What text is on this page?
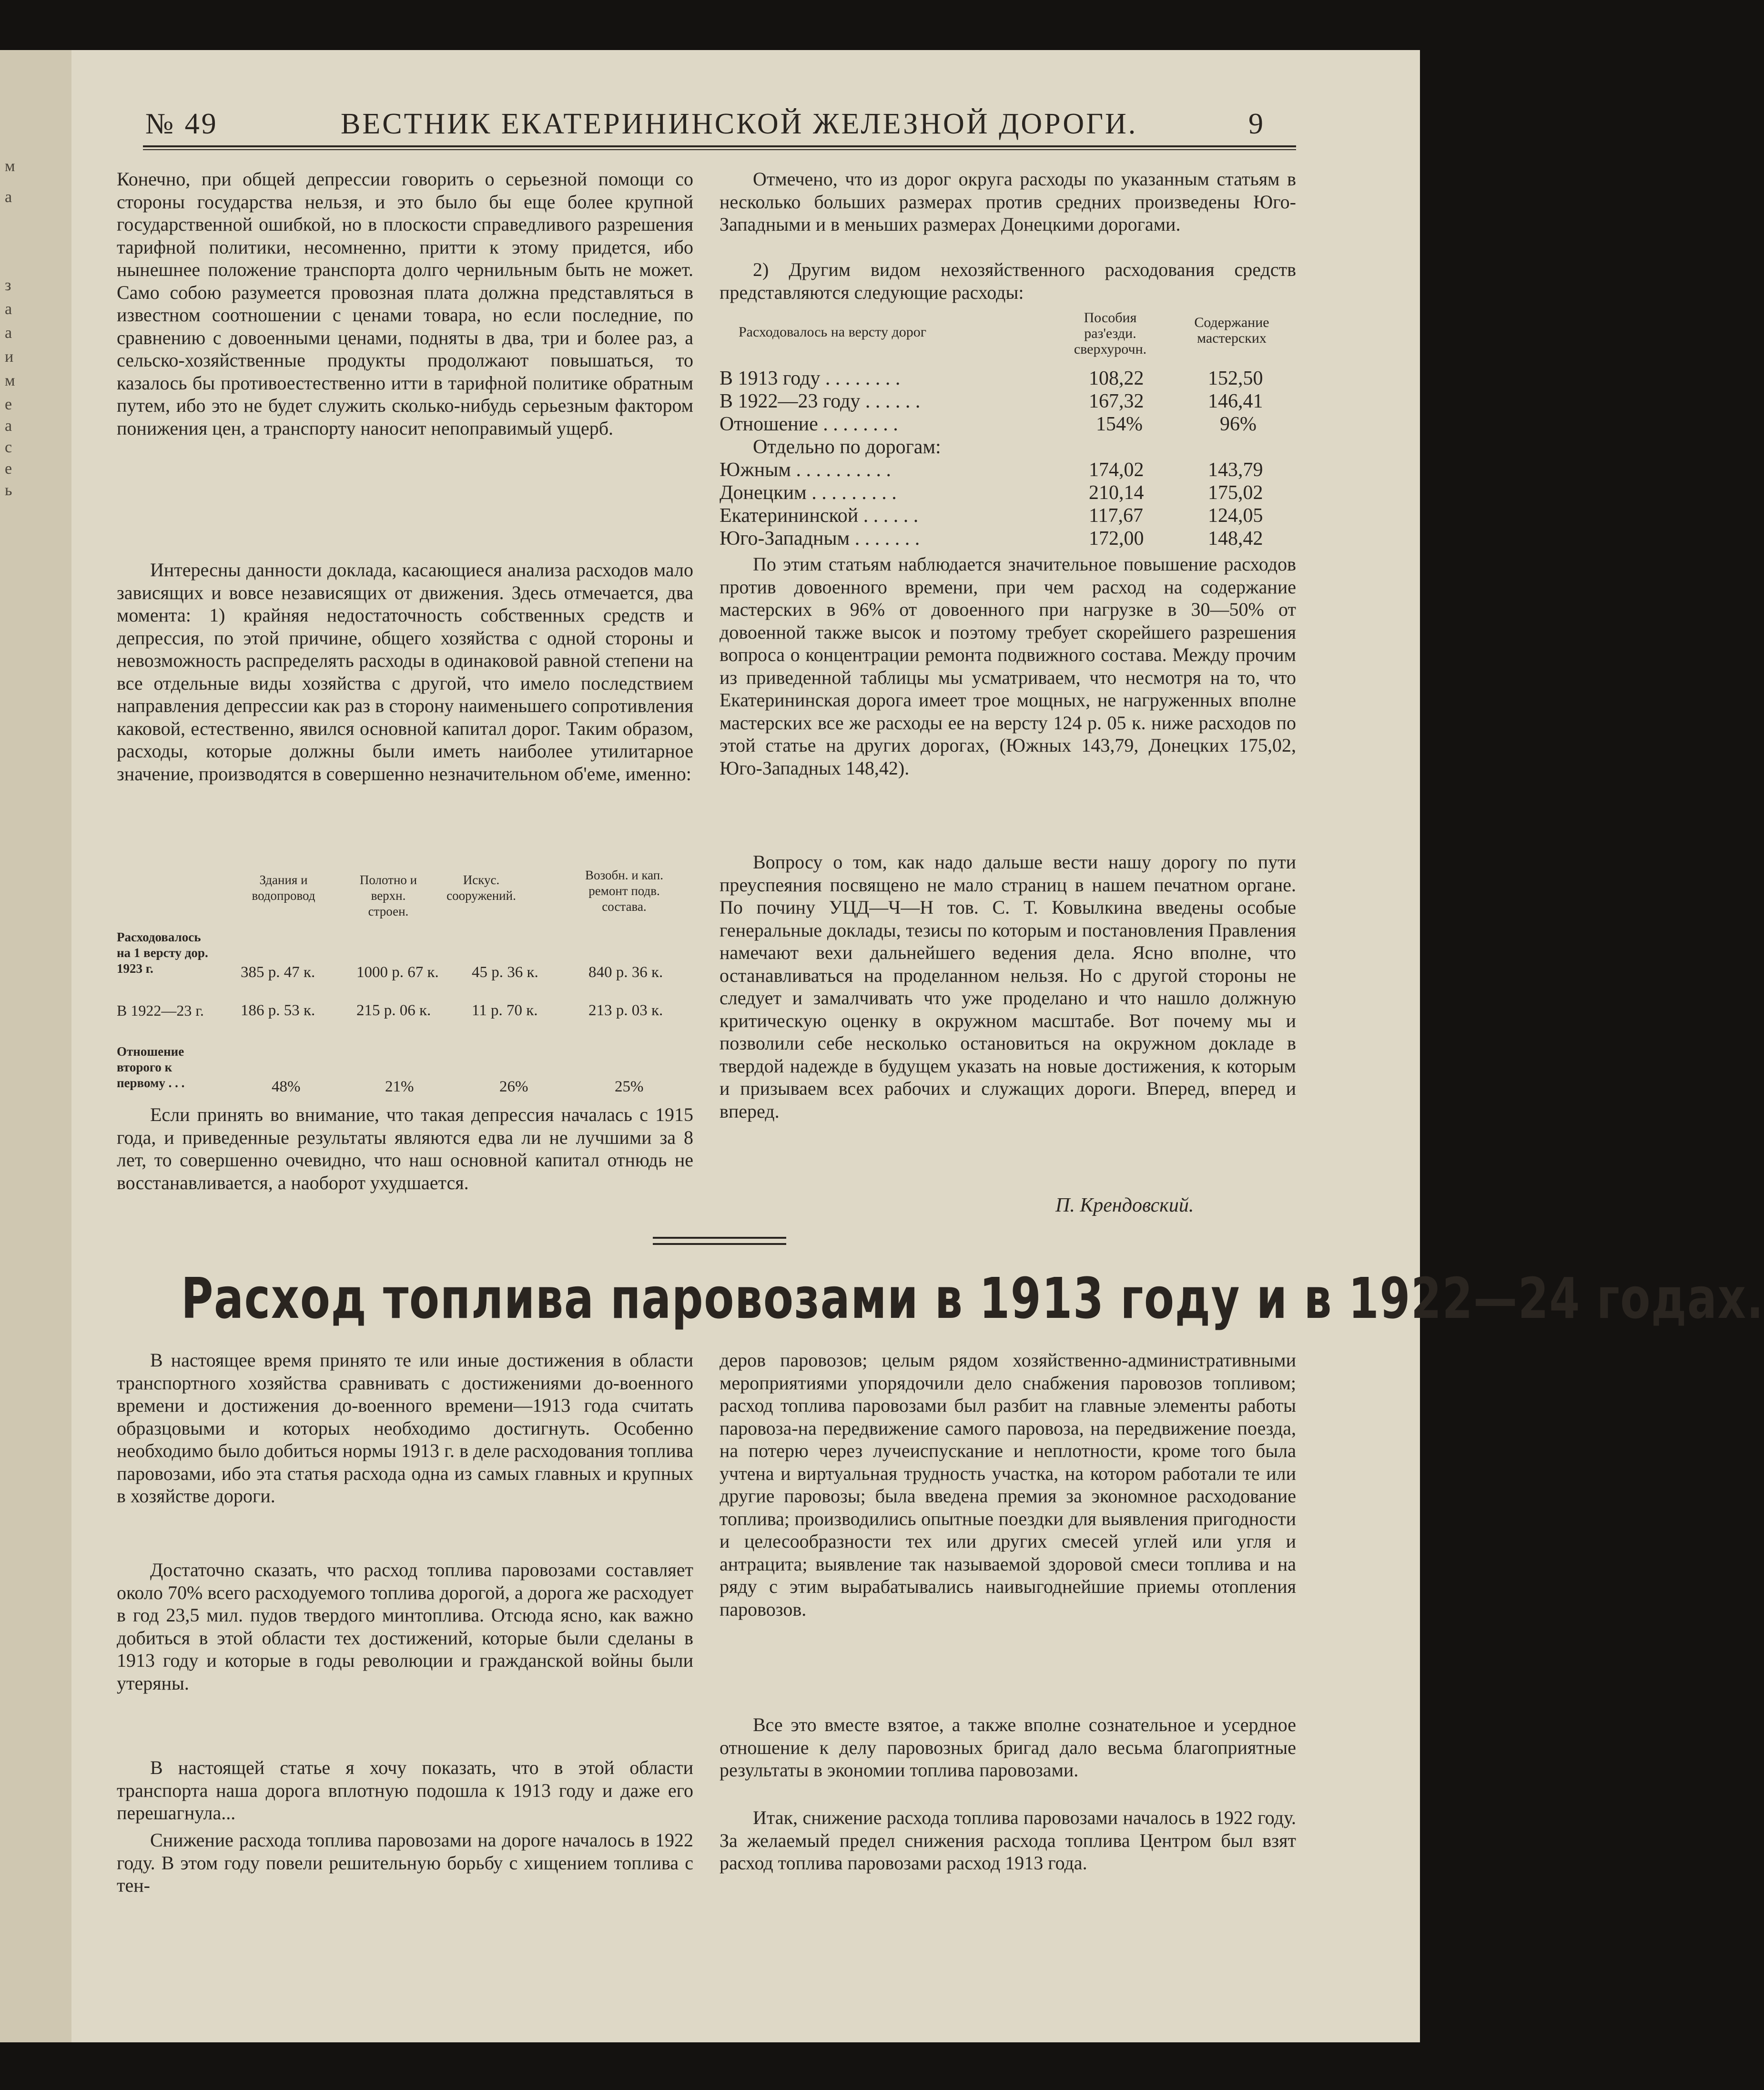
м
а
з
а
а
и
м
е
а
с
е
ь
№ 49	ВЕСТНИК ЕКАТЕРИНИНСКОЙ ЖЕЛЕЗНОЙ ДОРОГИ.	9

Конечно, при общей депрессии говорить о серьезной помощи со стороны государства нельзя, и это было бы еще более крупной государственной ошибкой, но в плоскости справедливого разрешения тарифной политики, несомненно, притти к этому придется, ибо нынешнее положение транспорта долго чернильным быть не может. Само собою разумеется провозная плата должна представляться в известном соотношении с ценами товара, но если последние, по сравнению с довоенными ценами, подняты в два, три и более раз, а сельско-хозяйственные продукты продолжают повышаться, то казалось бы противоестественно итти в тарифной политике обратным путем, ибо это не будет служить сколько-нибудь серьезным фактором понижения цен, а транспорту наносит непоправимый ущерб.

Интересны данности доклада, касающиеся анализа расходов мало зависящих и вовсе независящих от движения. Здесь отмечается, два момента: 1) крайняя недостаточность собственных средств и депрессия, по этой причине, общего хозяйства с одной стороны и невозможность распределять расходы в одинаковой равной степени на все отдельные виды хозяйства с другой, что имело последствием направления депрессии как раз в сторону наименьшего сопротивления каковой, естественно, явился основной капитал дорог. Таким образом, расходы, которые должны были иметь наиболее утилитарное значение, производятся в совершенно незначительном об'еме, именно:

Здания и водопровод
Полотно и верхн. строен.
Искус. сооружений.
Возобн. и кап. ремонт подв. состава.
Расходовалось на 1 версту дор. 1923 г.	385 р. 47 к.	1000 р. 67 к. 45 р. 36 к.	840 р. 36 к.
В 1922—23 г. 186 р. 53 к.	215 р. 06 к.	11 р. 70 к.	213 р. 03 к.
Отношение второго к первому . . .	48%	21%	26%	25%

Если принять во внимание, что такая депрессия началась с 1915 года, и приведенные результаты являются едва ли не лучшими за 8 лет, то совершенно очевидно, что наш основной капитал отнюдь не восстанавливается, а наоборот ухудшается.

Отмечено, что из дорог округа расходы по указанным статьям в несколько больших размерах против средних произведены Юго-Западными и в меньших размерах Донецкими дорогами.

2) Другим видом нехозяйственного расходования средств представляются следующие расходы:

Расходовалось на версту дорог
Пособия раз'езди. сверхурочн.
Содержание мастерских
В 1913 году . . . . . . . .	108,22	152,50
В 1922—23 году . . . . . .	167,32	146,41
Отношение . . . . . . . .	154%	96%
Отдельно по дорогам:
Южным . . . . . . . . . .	174,02	143,79
Донецким . . . . . . . . .	210,14	175,02
Екатерининской . . . . . .	117,67	124,05
Юго-Западным . . . . . . .	172,00	148,42

По этим статьям наблюдается значительное повышение расходов против довоенного времени, при чем расход на содержание мастерских в 96% от довоенного при нагрузке в 30—50% от довоенной также высок и поэтому требует скорейшего разрешения вопроса о концентрации ремонта подвижного состава. Между прочим из приведенной таблицы мы усматриваем, что несмотря на то, что Екатерининская дорога имеет трое мощных, не нагруженных вполне мастерских все же расходы ее на версту 124 р. 05 к. ниже расходов по этой статье на других дорогах, (Южных 143,79, Донецких 175,02, Юго-Западных 148,42).

Вопросу о том, как надо дальше вести нашу дорогу по пути преуспеяния посвящено не мало страниц в нашем печатном органе. По почину УЦД—Ч—Н тов. С. Т. Ковылкина введены особые генеральные доклады, тезисы по которым и постановления Правления намечают вехи дальнейшего ведения дела. Ясно вполне, что останавливаться на проделанном нельзя. Но с другой стороны не следует и замалчивать что уже проделано и что нашло должную критическую оценку в окружном масштабе. Вот почему мы и позволили себе несколько остановиться на окружном докладе в твердой надежде в будущем указать на новые достижения, к которым и призываем всех рабочих и служащих дороги. Вперед, вперед и вперед.

П. Крендовский.
Расход топлива паровозами в 1913 году и в 1922—24 годах.

В настоящее время принято те или иные достижения в области транспортного хозяйства сравнивать с достижениями до-военного времени и достижения до-военного времени—1913 года считать образцовыми и которых необходимо достигнуть. Особенно необходимо было добиться нормы 1913 г. в деле расходования топлива паровозами, ибо эта статья расхода одна из самых главных и крупных в хозяйстве дороги.

Достаточно сказать, что расход топлива паровозами составляет около 70% всего расходуемого топлива дорогой, а дорога же расходует в год 23,5 мил. пудов твердого минтоплива. Отсюда ясно, как важно добиться в этой области тех достижений, которые были сделаны в 1913 году и которые в годы революции и гражданской войны были утеряны.

В настоящей статье я хочу показать, что в этой области транспорта наша дорога вплотную подошла к 1913 году и даже его перешагнула...

Снижение расхода топлива паровозами на дороге началось в 1922 году. В этом году повели решительную борьбу с хищением топлива с тен-

деров паровозов; целым рядом хозяйственно-административными мероприятиями упорядочили дело снабжения паровозов топливом; расход топлива паровозами был разбит на главные элементы работы паровоза-на передвижение самого паровоза, на передвижение поезда, на потерю через лучеиспускание и неплотности, кроме того была учтена и виртуальная трудность участка, на котором работали те или другие паровозы; была введена премия за экономное расходование топлива; производились опытные поездки для выявления пригодности и целесообразности тех или других смесей углей или угля и антрацита; выявление так называемой здоровой смеси топлива и на ряду с этим вырабатывались наивыгоднейшие приемы отопления паровозов.

Все это вместе взятое, а также вполне сознательное и усердное отношение к делу паровозных бригад дало весьма благоприятные результаты в экономии топлива паровозами.

Итак, снижение расхода топлива паровозами началось в 1922 году. За желаемый предел снижения расхода топлива Центром был взят расход топлива паровозами расход 1913 года.
